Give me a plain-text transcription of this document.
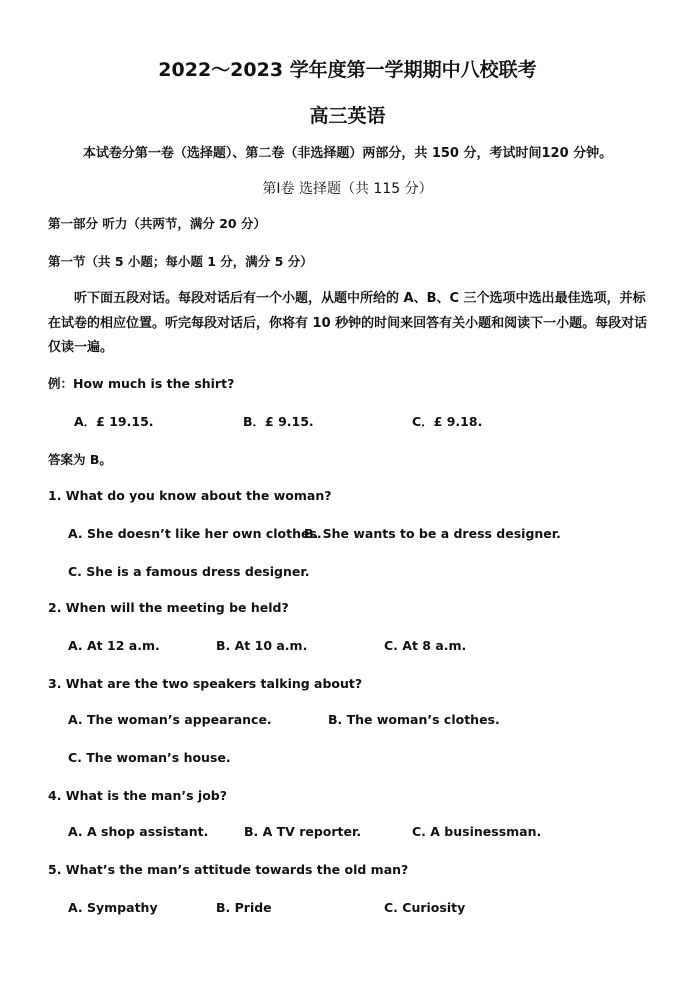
2022～2023 学年度第一学期期中八校联考
高三英语
本试卷分第一卷（选择题）、第二卷（非选择题）两部分，共 150 分，考试时间120 分钟。
第Ⅰ卷 选择题（共 115 分）
第一部分 听力（共两节，满分 20 分）
第一节（共 5 小题；每小题 1 分，满分 5 分）
听下面五段对话。每段对话后有一个小题，从题中所给的 A、B、C 三个选项中选出最佳选项，并标在试卷的相应位置。听完每段对话后，你将有 10 秒钟的时间来回答有关小题和阅读下一小题。每段对话仅读一遍。
例：How much is the shirt?
A．£ 19.15.	B．£ 9.15.	C．£ 9.18.
答案为 B。
1. What do you know about the woman?
A. She doesn’t like her own clothes.
B. She wants to be a dress designer.
C. She is a famous dress designer.
2. When will the meeting be held?
A. At 12 a.m.	B. At 10 a.m.	C. At 8 a.m.
3. What are the two speakers talking about?
A. The woman’s appearance.	B. The woman’s clothes.
C. The woman’s house.
4. What is the man’s job?
A. A shop assistant.	B. A TV reporter.	C. A businessman.
5. What’s the man’s attitude towards the old man?
A. Sympathy	B. Pride	C. Curiosity
